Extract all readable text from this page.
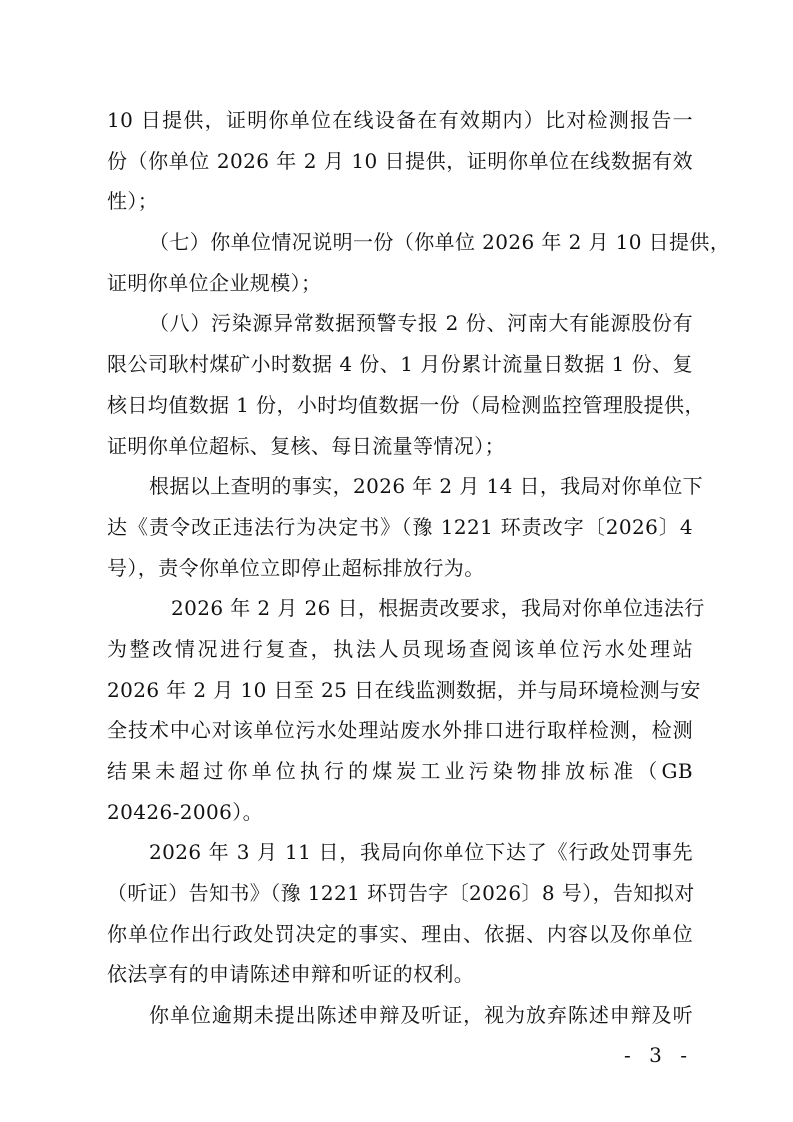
10 日提供，证明你单位在线设备在有效期内）比对检测报告一
份（你单位 2026 年 2 月 10 日提供，证明你单位在线数据有效
性）；
（七）你单位情况说明一份（你单位 2026 年 2 月 10 日提供，
证明你单位企业规模）；
（八）污染源异常数据预警专报 2 份、河南大有能源股份有
限公司耿村煤矿小时数据 4 份、1 月份累计流量日数据 1 份、复
核日均值数据 1 份，小时均值数据一份（局检测监控管理股提供，
证明你单位超标、复核、每日流量等情况）；
根据以上查明的事实，2026 年 2 月 14 日，我局对你单位下
达《责令改正违法行为决定书》（豫 1221 环责改字〔2026〕4
号），责令你单位立即停止超标排放行为。
2026 年 2 月 26 日，根据责改要求，我局对你单位违法行
为整改情况进行复查，执法人员现场查阅该单位污水处理站
2026 年 2 月 10 日至 25 日在线监测数据，并与局环境检测与安
全技术中心对该单位污水处理站废水外排口进行取样检测，检测
结果未超过你单位执行的煤炭工业污染物排放标准（GB
20426-2006）。
2026 年 3 月 11 日，我局向你单位下达了《行政处罚事先
（听证）告知书》（豫 1221 环罚告字〔2026〕8 号），告知拟对
你单位作出行政处罚决定的事实、理由、依据、内容以及你单位
依法享有的申请陈述申辩和听证的权利。
你单位逾期未提出陈述申辩及听证，视为放弃陈述申辩及听
- 3 -
